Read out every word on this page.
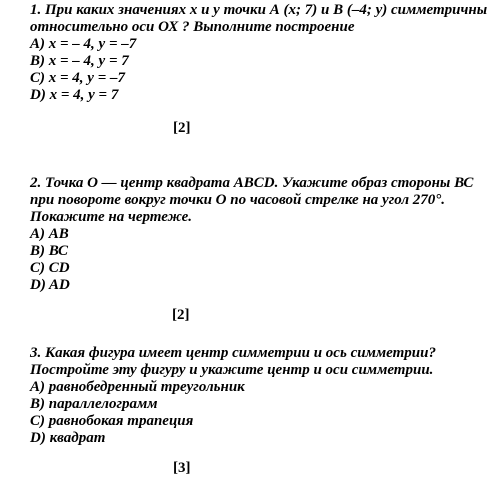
1. При каких значениях х и у точки А (х; 7) и В (–4; у) симметричны относительно оси ОХ ? Выполните построение

А) х = – 4, у = –7
В) х = – 4, у = 7
С) х = 4, у = –7
D) х = 4, у = 7
[2]

2. Точка О — центр квадрата ABCD. Укажите образ стороны ВС при повороте вокруг точки О по часовой стрелке на угол 270°. Покажите на чертеже.

А) АВ
В) ВС
С) CD
D) AD
[2]

3. Какая фигура имеет центр симметрии и ось симметрии? Постройте эту фигуру и укажите центр и оси симметрии.

А) равнобедренный треугольник
В) параллелограмм
С) равнобокая трапеция
D) квадрат
[3]
